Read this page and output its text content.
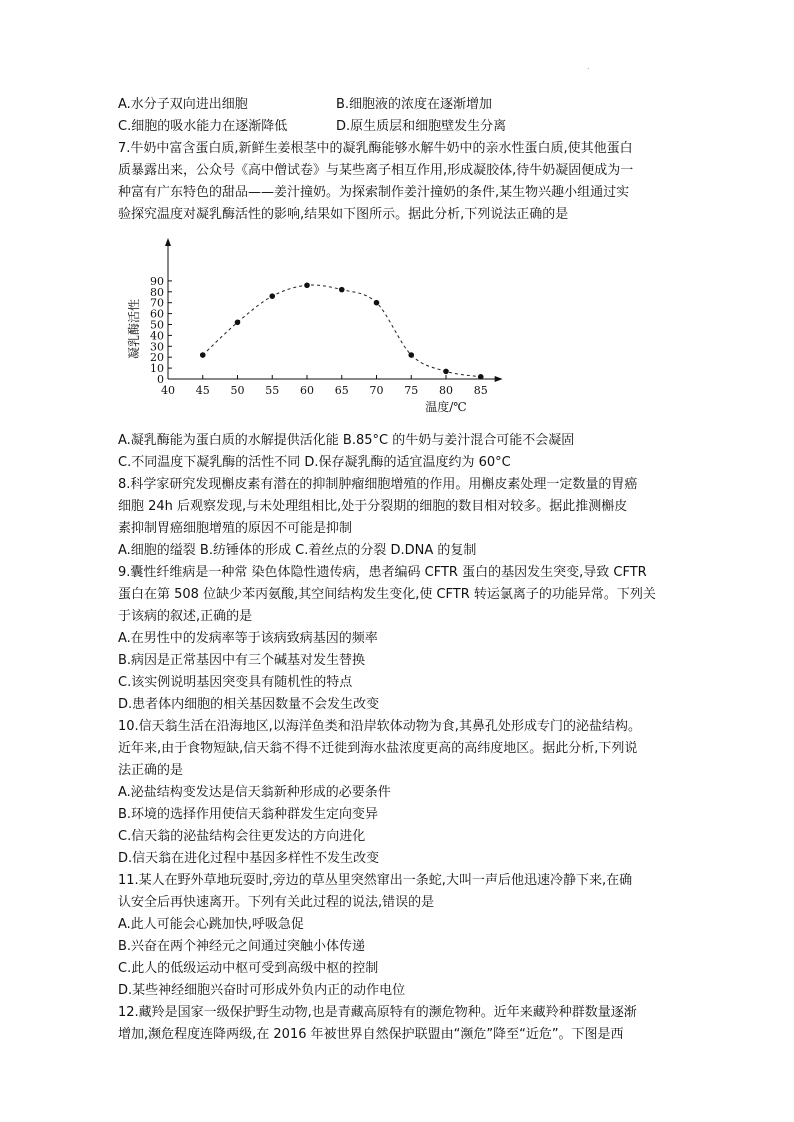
.
A.水分子双向进出细胞	B.细胞液的浓度在逐渐增加
C.细胞的吸水能力在逐渐降低	D.原生质层和细胞壁发生分离
7.牛奶中富含蛋白质,新鲜生姜根茎中的凝乳酶能够水解牛奶中的亲水性蛋白质,使其他蛋白
质暴露出来，公众号《高中僧试卷》与某些离子相互作用,形成凝胶体,待牛奶凝固便成为一
种富有广东特色的甜品——姜汁撞奶。为探索制作姜汁撞奶的条件,某生物兴趣小组通过实
验探究温度对凝乳酶活性的影响,结果如下图所示。据此分析,下列说法正确的是
0
10
20
30
40
50
60
70
80
90
40 45 50 55 60 65 70 75 80 85
凝乳酶活性
温度/℃
A.凝乳酶能为蛋白质的水解提供活化能 B.85°C 的牛奶与姜汁混合可能不会凝固
C.不同温度下凝乳酶的活性不同 D.保存凝乳酶的适宜温度约为 60°C
8.科学家研究发现槲皮素有潜在的抑制肿瘤细胞增殖的作用。用槲皮素处理一定数量的胃癌
细胞 24h 后观察发现,与未处理组相比,处于分裂期的细胞的数目相对较多。据此推测槲皮
素抑制胃癌细胞增殖的原因不可能是抑制
A.细胞的缢裂 B.纺锤体的形成 C.着丝点的分裂 D.DNA 的复制
9.囊性纤维病是一种常 染色体隐性遗传病，患者编码 CFTR 蛋白的基因发生突变,导致 CFTR
蛋白在第 508 位缺少苯丙氨酸,其空间结构发生变化,使 CFTR 转运氯离子的功能异常。下列关
于该病的叙述,正确的是
A.在男性中的发病率等于该病致病基因的频率
B.病因是正常基因中有三个碱基对发生替换
C.该实例说明基因突变具有随机性的特点
D.患者体内细胞的相关基因数量不会发生改变
10.信天翁生活在沿海地区,以海洋鱼类和沿岸软体动物为食,其鼻孔处形成专门的泌盐结构。
近年来,由于食物短缺,信天翁不得不迁徙到海水盐浓度更高的高纬度地区。据此分析,下列说
法正确的是
A.泌盐结构变发达是信天翁新种形成的必要条件
B.环境的选择作用使信天翁种群发生定向变异
C.信天翁的泌盐结构会往更发达的方向进化
D.信天翁在进化过程中基因多样性不发生改变
11.某人在野外草地玩耍时,旁边的草丛里突然窜出一条蛇,大叫一声后他迅速冷静下来,在确
认安全后再快速离开。下列有关此过程的说法,错误的是
A.此人可能会心跳加快,呼吸急促
B.兴奋在两个神经元之间通过突触小体传递
C.此人的低级运动中枢可受到高级中枢的控制
D.某些神经细胞兴奋时可形成外负内正的动作电位
12.藏羚是国家一级保护野生动物,也是青藏高原特有的濒危物种。近年来藏羚种群数量逐渐
增加,濒危程度连降两级,在 2016 年被世界自然保护联盟由“濒危”降至“近危”。下图是西
